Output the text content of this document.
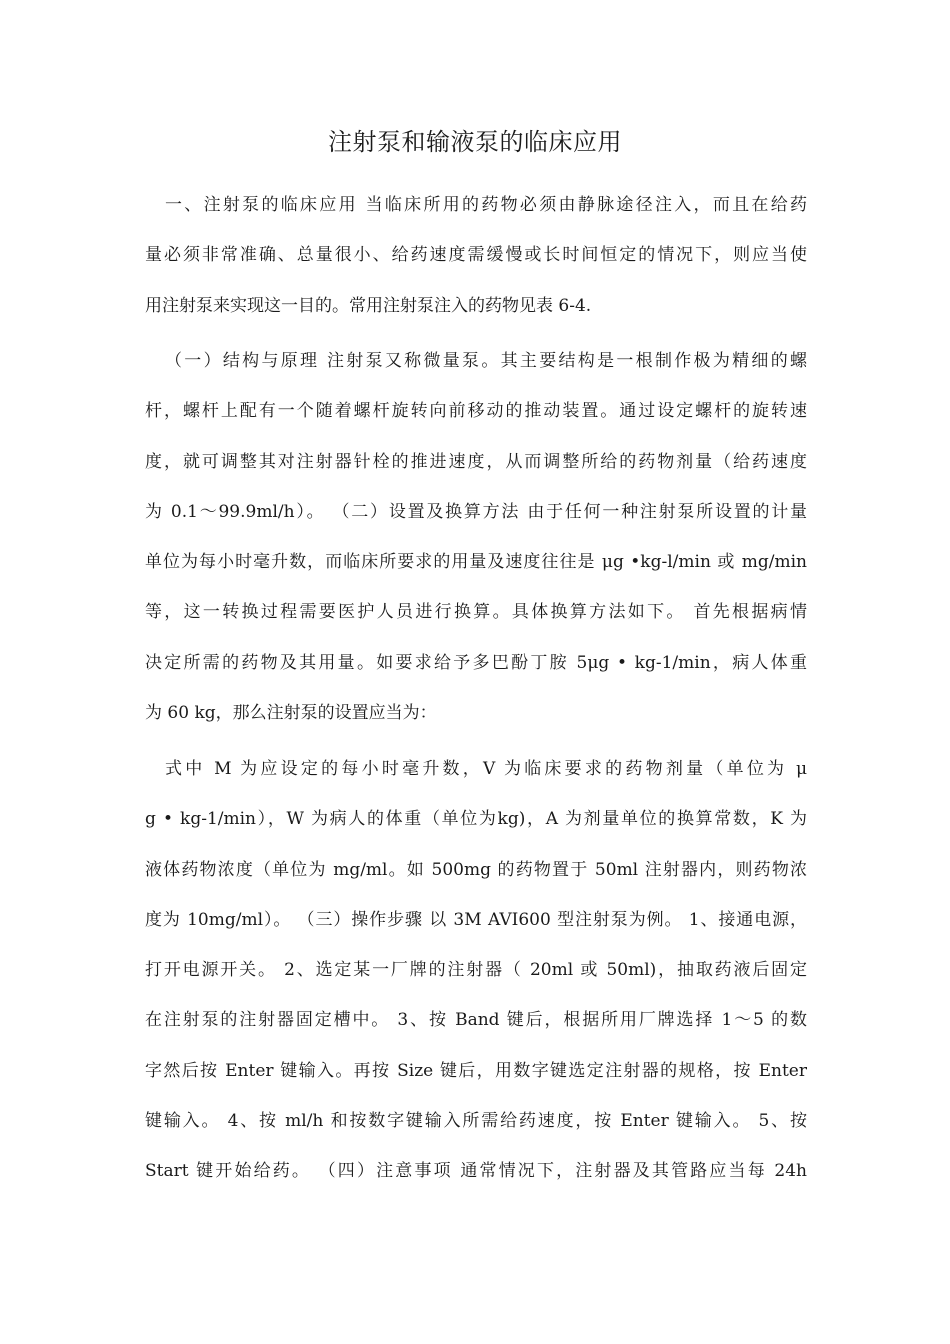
注射泵和输液泵的临床应用
一、注射泵的临床应用 当临床所用的药物必须由静脉途径注入，而且在给药
量必须非常准确、总量很小、给药速度需缓慢或长时间恒定的情况下，则应当使
用注射泵来实现这一目的。常用注射泵注入的药物见表 6-4.
（一）结构与原理 注射泵又称微量泵。其主要结构是一根制作极为精细的螺
杆，螺杆上配有一个随着螺杆旋转向前移动的推动装置。通过设定螺杆的旋转速
度，就可调整其对注射器针栓的推进速度，从而调整所给的药物剂量（给药速度
为 0.1～99.9ml/h）。 （二）设置及换算方法 由于任何一种注射泵所设置的计量
单位为每小时毫升数，而临床所要求的用量及速度往往是 μg •kg-l/min 或 mg/min
等，这一转换过程需要医护人员进行换算。具体换算方法如下。 首先根据病情
决定所需的药物及其用量。如要求给予多巴酚丁胺 5μg • kg-1/min，病人体重
为 60 kg，那么注射泵的设置应当为：
式中 M 为应设定的每小时毫升数，V 为临床要求的药物剂量（单位为 μ
g • kg-1/min），W 为病人的体重（单位为kg)，A 为剂量单位的换算常数，K 为
液体药物浓度（单位为 mg/ml。如 500mg 的药物置于 50ml 注射器内，则药物浓
度为 10mg/ml）。 （三）操作步骤 以 3M AVI600 型注射泵为例。 1、接通电源，
打开电源开关。 2、选定某一厂牌的注射器（ 20ml 或 50ml)，抽取药液后固定
在注射泵的注射器固定槽中。 3、按 Band 键后，根据所用厂牌选择 1～5 的数
字然后按 Enter 键输入。再按 Size 键后，用数字键选定注射器的规格，按 Enter
键输入。 4、按 ml/h 和按数字键输入所需给药速度，按 Enter 键输入。 5、按
Start 键开始给药。 （四）注意事项 通常情况下，注射器及其管路应当每 24h
